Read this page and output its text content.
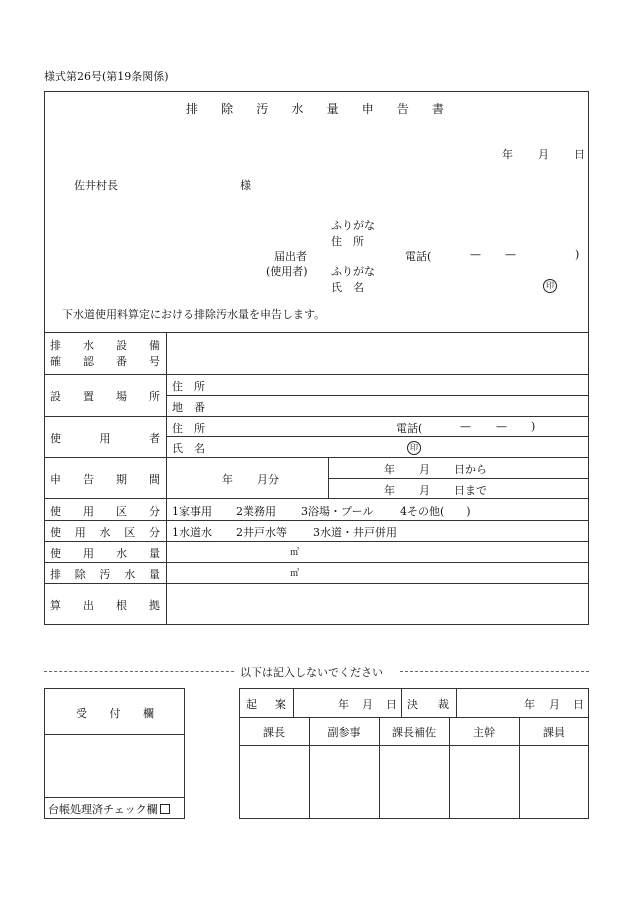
様式第26号(第19条関係)
排 除 汚 水 量 申 告 書
年 月 日
佐井村長	様
ふりがな
住　所
届出者	電話(	— —	)
(使用者) ふりがな
氏　名	印
下水道使用料算定における排除汚水量を申告します。
排 水 設 備
確 認 番 号
設 置 場 所
住　所
地　番
使	用	者
住　所	電話(	— — )
氏　名	印
申 告 期 間	年 月分
年 月 日から
年 月 日まで
使 用 区 分 1家事用 2業務用 3浴場・プール 4その他(　　)
使 用 水 区 分 1水道水 2井戸水等 3水道・井戸併用
使 用 水 量	㎥
排 除 汚 水 量	㎥
算 出 根 拠
以下は記入しないでください
受 付 欄
台帳処理済チェック欄
起 案	年 月 日 決 裁	年 月 日
課長	副参事	課長補佐	主幹	課員
